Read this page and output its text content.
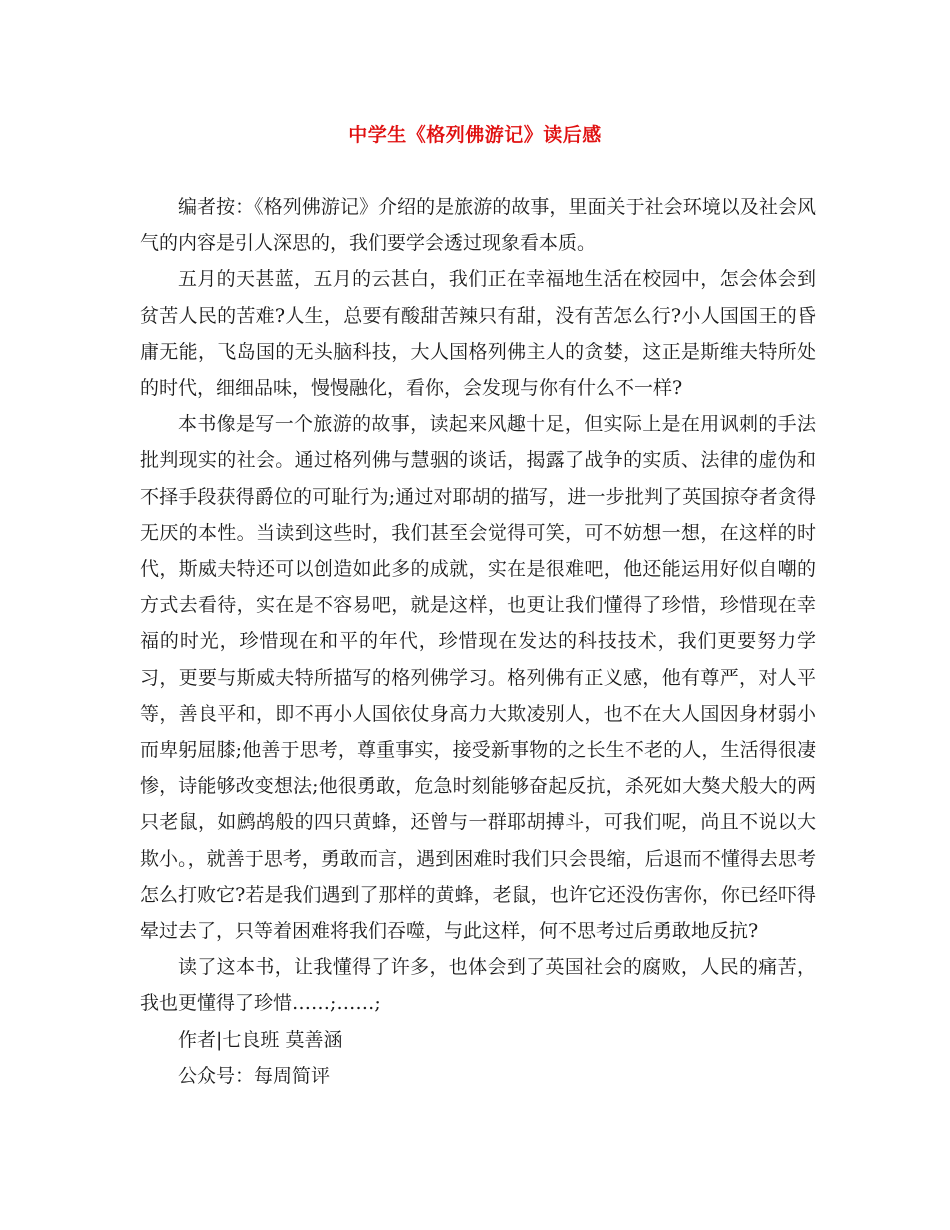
中学生《格列佛游记》读后感

编者按：《格列佛游记》介绍的是旅游的故事，里面关于社会环境以及社会风气的内容是引人深思的，我们要学会透过现象看本质。

五月的天甚蓝，五月的云甚白，我们正在幸福地生活在校园中，怎会体会到贫苦人民的苦难?人生，总要有酸甜苦辣只有甜，没有苦怎么行?小人国国王的昏庸无能，飞岛国的无头脑科技，大人国格列佛主人的贪婪，这正是斯维夫特所处的时代，细细品味，慢慢融化，看你，会发现与你有什么不一样?

本书像是写一个旅游的故事，读起来风趣十足，但实际上是在用讽刺的手法批判现实的社会。通过格列佛与慧骃的谈话，揭露了战争的实质、法律的虚伪和不择手段获得爵位的可耻行为;通过对耶胡的描写，进一步批判了英国掠夺者贪得无厌的本性。当读到这些时，我们甚至会觉得可笑，可不妨想一想，在这样的时代，斯威夫特还可以创造如此多的成就，实在是很难吧，他还能运用好似自嘲的方式去看待，实在是不容易吧，就是这样，也更让我们懂得了珍惜，珍惜现在幸福的时光，珍惜现在和平的年代，珍惜现在发达的科技技术，我们更要努力学习，更要与斯威夫特所描写的格列佛学习。格列佛有正义感，他有尊严，对人平等，善良平和，即不再小人国依仗身高力大欺凌别人，也不在大人国因身材弱小而卑躬屈膝;他善于思考，尊重事实，接受新事物的之长生不老的人，生活得很凄惨，诗能够改变想法;他很勇敢，危急时刻能够奋起反抗，杀死如大獒犬般大的两只老鼠，如鹧鸪般的四只黄蜂，还曾与一群耶胡搏斗，可我们呢，尚且不说以大欺小。，就善于思考，勇敢而言，遇到困难时我们只会畏缩，后退而不懂得去思考怎么打败它?若是我们遇到了那样的黄蜂，老鼠，也许它还没伤害你，你已经吓得晕过去了，只等着困难将我们吞噬，与此这样，何不思考过后勇敢地反抗?

读了这本书，让我懂得了许多，也体会到了英国社会的腐败，人民的痛苦，我也更懂得了珍惜……;……;

作者|七良班 莫善涵

公众号：每周简评
